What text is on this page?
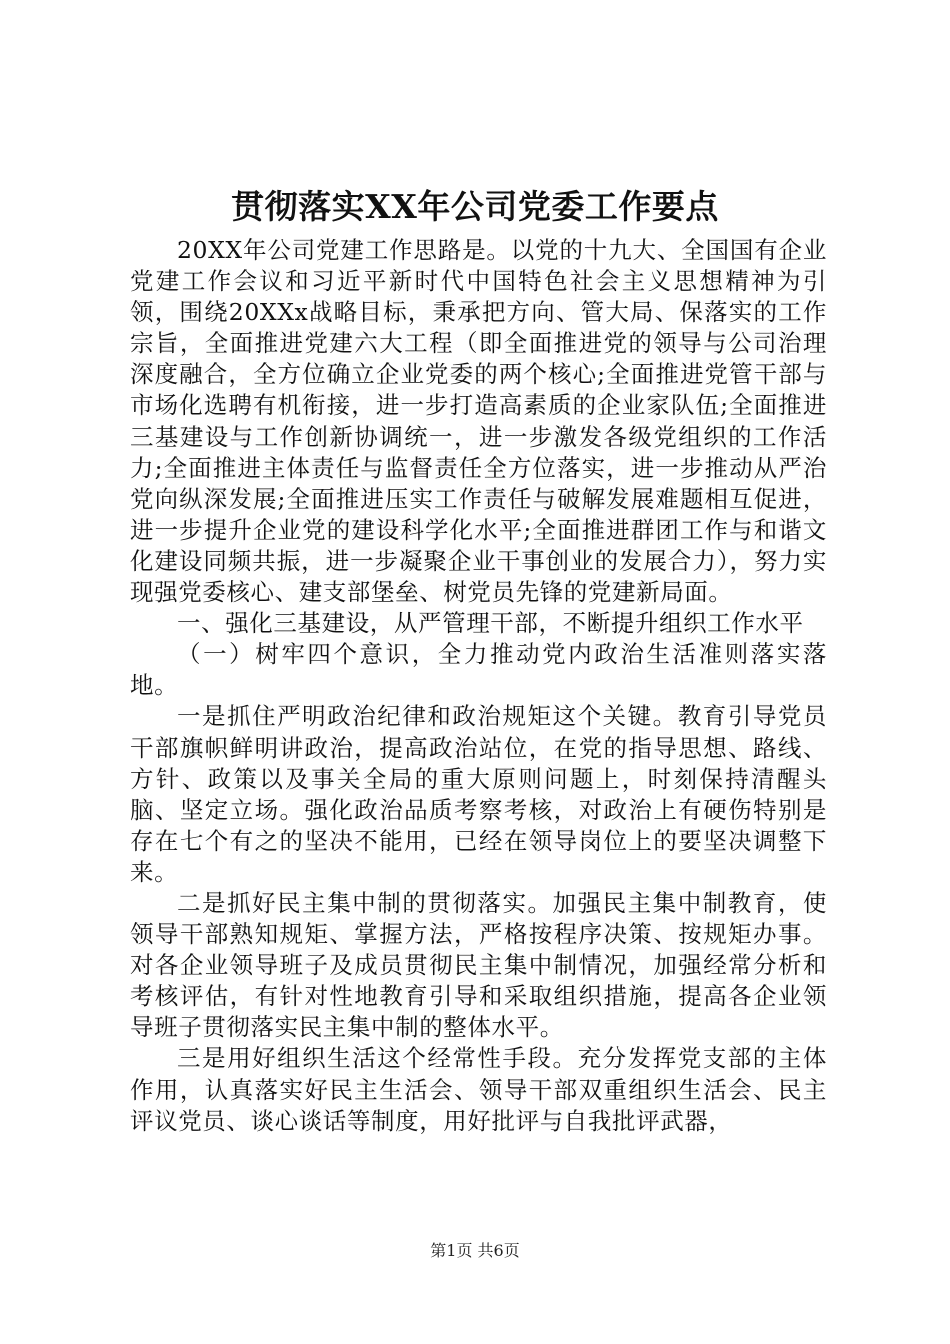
贯彻落实XX年公司党委工作要点

20XX年公司党建工作思路是。以党的十九大、全国国有企业党建工作会议和习近平新时代中国特色社会主义思想精神为引领，围绕20XXx战略目标，秉承把方向、管大局、保落实的工作宗旨，全面推进党建六大工程（即全面推进党的领导与公司治理深度融合，全方位确立企业党委的两个核心;全面推进党管干部与市场化选聘有机衔接，进一步打造高素质的企业家队伍;全面推进三基建设与工作创新协调统一，进一步激发各级党组织的工作活力;全面推进主体责任与监督责任全方位落实，进一步推动从严治党向纵深发展;全面推进压实工作责任与破解发展难题相互促进，进一步提升企业党的建设科学化水平;全面推进群团工作与和谐文化建设同频共振，进一步凝聚企业干事创业的发展合力），努力实现强党委核心、建支部堡垒、树党员先锋的党建新局面。

一、强化三基建设，从严管理干部，不断提升组织工作水平

（一）树牢四个意识，全力推动党内政治生活准则落实落地。

一是抓住严明政治纪律和政治规矩这个关键。教育引导党员干部旗帜鲜明讲政治，提高政治站位，在党的指导思想、路线、方针、政策以及事关全局的重大原则问题上，时刻保持清醒头脑、坚定立场。强化政治品质考察考核，对政治上有硬伤特别是存在七个有之的坚决不能用，已经在领导岗位上的要坚决调整下来。

二是抓好民主集中制的贯彻落实。加强民主集中制教育，使领导干部熟知规矩、掌握方法，严格按程序决策、按规矩办事。对各企业领导班子及成员贯彻民主集中制情况，加强经常分析和考核评估，有针对性地教育引导和采取组织措施，提高各企业领导班子贯彻落实民主集中制的整体水平。

三是用好组织生活这个经常性手段。充分发挥党支部的主体作用，认真落实好民主生活会、领导干部双重组织生活会、民主评议党员、谈心谈话等制度，用好批评与自我批评武器，

第1页 共6页
